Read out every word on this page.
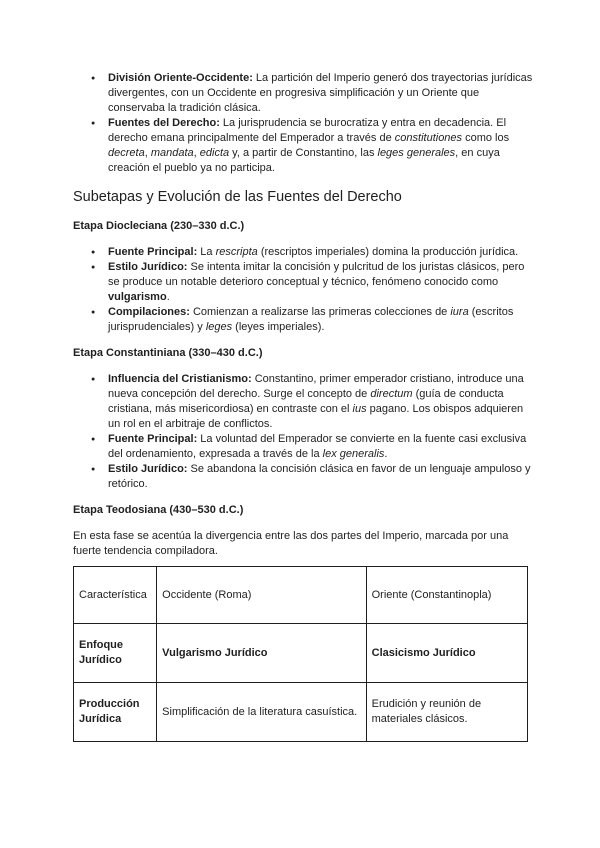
● División Oriente-Occidente: La partición del Imperio generó dos trayectorias jurídicas divergentes, con un Occidente en progresiva simplificación y un Oriente que conservaba la tradición clásica.
● Fuentes del Derecho: La jurisprudencia se burocratiza y entra en decadencia. El derecho emana principalmente del Emperador a través de constitutiones como los decreta, mandata, edicta y, a partir de Constantino, las leges generales, en cuya creación el pueblo ya no participa.
Subetapas y Evolución de las Fuentes del Derecho
Etapa Diocleciana (230–330 d.C.)
● Fuente Principal: La rescripta (rescriptos imperiales) domina la producción jurídica.
● Estilo Jurídico: Se intenta imitar la concisión y pulcritud de los juristas clásicos, pero se produce un notable deterioro conceptual y técnico, fenómeno conocido como vulgarismo.
● Compilaciones: Comienzan a realizarse las primeras colecciones de iura (escritos jurisprudenciales) y leges (leyes imperiales).
Etapa Constantiniana (330–430 d.C.)
● Influencia del Cristianismo: Constantino, primer emperador cristiano, introduce una nueva concepción del derecho. Surge el concepto de directum (guía de conducta cristiana, más misericordiosa) en contraste con el ius pagano. Los obispos adquieren un rol en el arbitraje de conflictos.
● Fuente Principal: La voluntad del Emperador se convierte en la fuente casi exclusiva del ordenamiento, expresada a través de la lex generalis.
● Estilo Jurídico: Se abandona la concisión clásica en favor de un lenguaje ampuloso y retórico.
Etapa Teodosiana (430–530 d.C.)
En esta fase se acentúa la divergencia entre las dos partes del Imperio, marcada por una fuerte tendencia compiladora.
Característica	Occidente (Roma)	Oriente (Constantinopla)
Enfoque Jurídico	Vulgarismo Jurídico	Clasicismo Jurídico
Producción Jurídica	Simplificación de la literatura casuística.	Erudición y reunión de materiales clásicos.
